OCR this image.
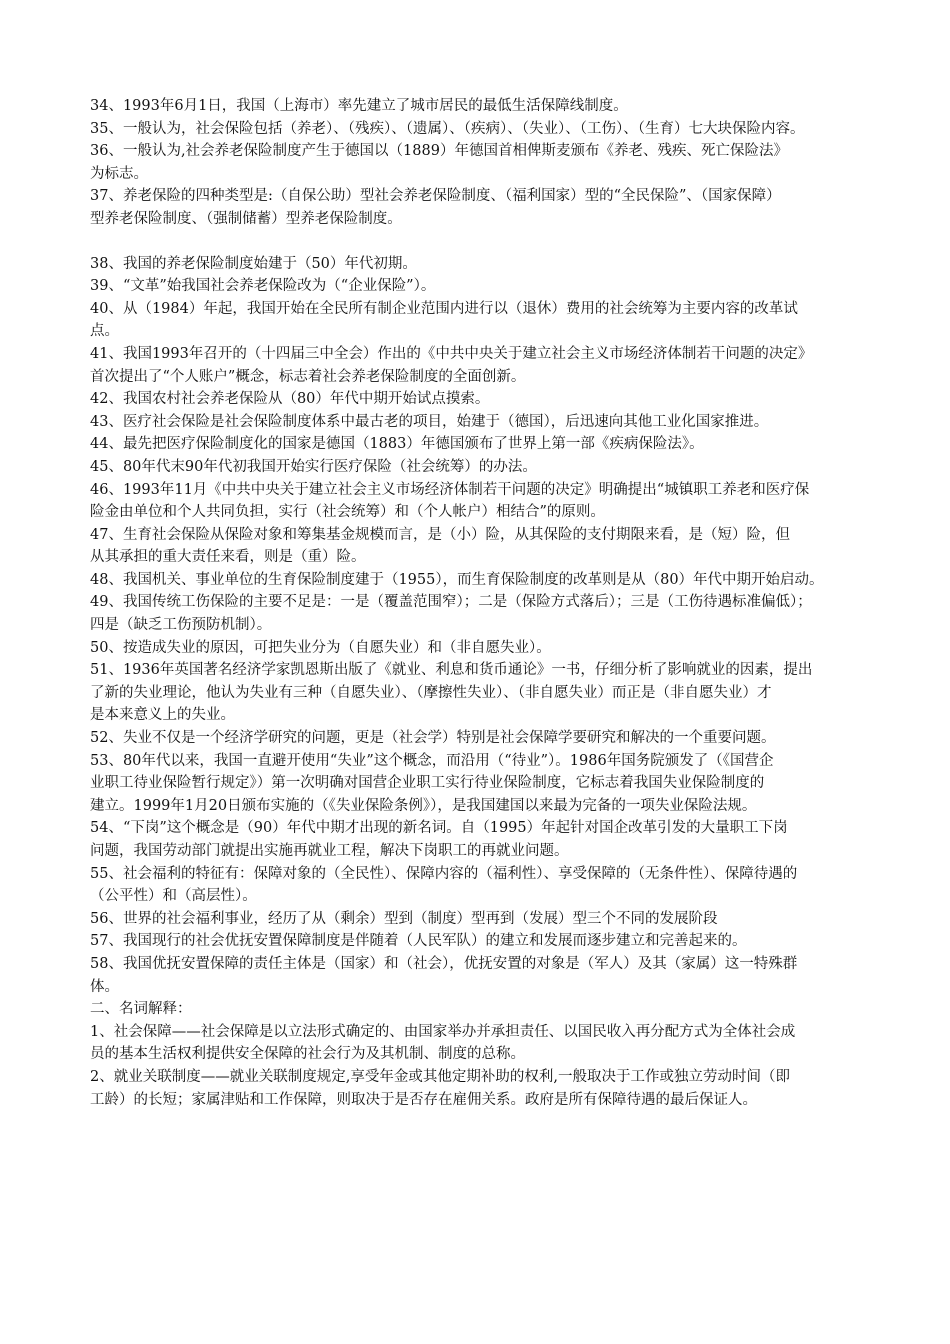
34、1993年6月1日，我国（上海市）率先建立了城市居民的最低生活保障线制度。
35、一般认为，社会保险包括（养老）、（残疾）、（遗属）、（疾病）、（失业）、（工伤）、（生育）七大块保险内容。
36、一般认为,社会养老保险制度产生于德国以（1889）年德国首相俾斯麦颁布《养老、残疾、死亡保险法》
为标志。
37、养老保险的四种类型是:（自保公助）型社会养老保险制度、（福利国家）型的“全民保险”、（国家保障）
型养老保险制度、（强制储蓄）型养老保险制度。
38、我国的养老保险制度始建于（50）年代初期。
39、“文革”始我国社会养老保险改为（“企业保险”）。
40、从（1984）年起，我国开始在全民所有制企业范围内进行以（退休）费用的社会统筹为主要内容的改革试
点。
41、我国1993年召开的（十四届三中全会）作出的《中共中央关于建立社会主义市场经济体制若干问题的决定》
首次提出了“个人账户”概念，标志着社会养老保险制度的全面创新。
42、我国农村社会养老保险从（80）年代中期开始试点摸索。
43、医疗社会保险是社会保险制度体系中最古老的项目，始建于（德国），后迅速向其他工业化国家推进。
44、最先把医疗保险制度化的国家是德国（1883）年德国颁布了世界上第一部《疾病保险法》。
45、80年代末90年代初我国开始实行医疗保险（社会统筹）的办法。
46、1993年11月《中共中央关于建立社会主义市场经济体制若干问题的决定》明确提出“城镇职工养老和医疗保
险金由单位和个人共同负担，实行（社会统筹）和（个人帐户）相结合”的原则。
47、生育社会保险从保险对象和筹集基金规模而言，是（小）险，从其保险的支付期限来看，是（短）险，但
从其承担的重大责任来看，则是（重）险。
48、我国机关、事业单位的生育保险制度建于（1955），而生育保险制度的改革则是从（80）年代中期开始启动。
49、我国传统工伤保险的主要不足是：一是（覆盖范围窄）；二是（保险方式落后）；三是（工伤待遇标准偏低）；
四是（缺乏工伤预防机制）。
50、按造成失业的原因，可把失业分为（自愿失业）和（非自愿失业）。
51、1936年英国著名经济学家凯恩斯出版了《就业、利息和货币通论》一书，仔细分析了影响就业的因素，提出
了新的失业理论，他认为失业有三种（自愿失业）、（摩擦性失业）、（非自愿失业）而正是（非自愿失业）才
是本来意义上的失业。
52、失业不仅是一个经济学研究的问题，更是（社会学）特别是社会保障学要研究和解决的一个重要问题。
53、80年代以来，我国一直避开使用“失业”这个概念，而沿用（“待业”）。1986年国务院颁发了（《国营企
业职工待业保险暂行规定》）第一次明确对国营企业职工实行待业保险制度，它标志着我国失业保险制度的
建立。1999年1月20日颁布实施的（《失业保险条例》），是我国建国以来最为完备的一项失业保险法规。
54、“下岗”这个概念是（90）年代中期才出现的新名词。自（1995）年起针对国企改革引发的大量职工下岗
问题，我国劳动部门就提出实施再就业工程，解决下岗职工的再就业问题。
55、社会福利的特征有：保障对象的（全民性）、保障内容的（福利性）、享受保障的（无条件性）、保障待遇的
（公平性）和（高层性）。
56、世界的社会福利事业，经历了从（剩余）型到（制度）型再到（发展）型三个不同的发展阶段
57、我国现行的社会优抚安置保障制度是伴随着（人民军队）的建立和发展而逐步建立和完善起来的。
58、我国优抚安置保障的责任主体是（国家）和（社会），优抚安置的对象是（军人）及其（家属）这一特殊群
体。
二、名词解释：
1、社会保障——社会保障是以立法形式确定的、由国家举办并承担责任、以国民收入再分配方式为全体社会成
员的基本生活权利提供安全保障的社会行为及其机制、制度的总称。
2、就业关联制度——就业关联制度规定,享受年金或其他定期补助的权利,一般取决于工作或独立劳动时间（即
工龄）的长短；家属津贴和工作保障，则取决于是否存在雇佣关系。政府是所有保障待遇的最后保证人。
